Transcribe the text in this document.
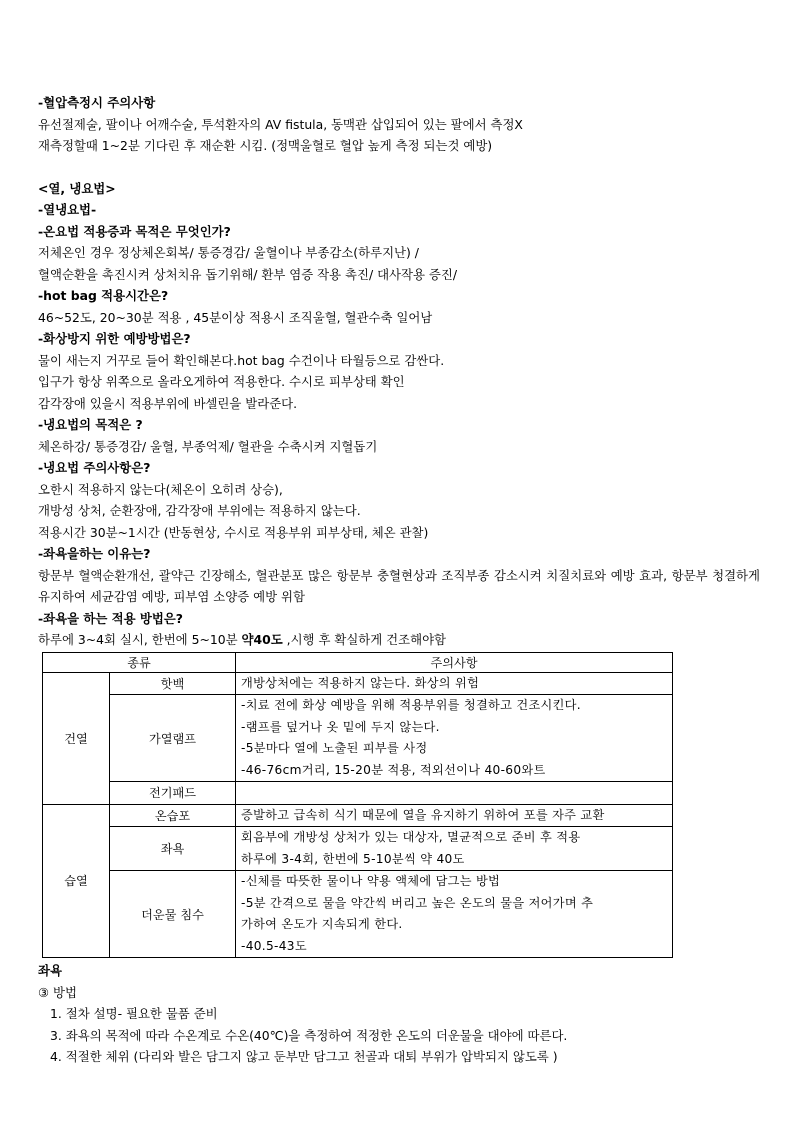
-혈압측정시 주의사항
유선절제술, 팔이나 어깨수술, 투석환자의 AV fistula, 동맥관 삽입되어 있는 팔에서 측정X
재측정할때 1~2분 기다린 후 재순환 시킴. (정맥울혈로 혈압 높게 측정 되는것 예방)
<열, 냉요법>
-열냉요법-
-온요법 적용증과 목적은 무엇인가?
저체온인 경우 정상체온회복/ 통증경감/ 울혈이나 부종감소(하루지난) /
혈액순환을 촉진시켜 상처치유 돕기위해/ 환부 염증 작용 촉진/ 대사작용 증진/
-hot bag 적용시간은?
46~52도, 20~30분 적용 , 45분이상 적용시 조직울혈, 혈관수축 일어남
-화상방지 위한 예방방법은?
물이 새는지 거꾸로 들어 확인해본다.hot bag 수건이나 타월등으로 감싼다.
입구가 항상 위쪽으로 올라오게하여 적용한다. 수시로 피부상태 확인
감각장애 있을시 적용부위에 바셀린을 발라준다.
-냉요법의 목적은 ?
체온하강/ 통증경감/ 울혈, 부종억제/ 혈관을 수축시켜 지혈돕기
-냉요법 주의사항은?
오한시 적용하지 않는다(체온이 오히려 상승),
개방성 상처, 순환장애, 감각장애 부위에는 적용하지 않는다.
적용시간 30분~1시간 (반동현상, 수시로 적용부위 피부상태, 체온 관찰)
-좌욕을하는 이유는?
항문부 혈액순환개선, 괄약근 긴장해소, 혈관분포 많은 항문부 충혈현상과 조직부종 감소시켜 치질치료와 예방 효과, 항문부 청결하게 유지하여 세균감염 예방, 피부염 소양증 예방 위함
-좌욕을 하는 적용 방법은?
하루에 3~4회 실시, 한번에 5~10분 약40도 ,시행 후 확실하게 건조해야함
종류		주의사항
건열	핫백	개방상처에는 적용하지 않는다. 화상의 위험

	가열램프	-치료 전에 화상 예방을 위해 적용부위를 청결하고 건조시킨다.
-램프를 덮거나 옷 밑에 두지 않는다.
-5분마다 열에 노출된 피부를 사정
-46-76cm거리, 15-20분 적용, 적외선이나 40-60와트

	전기패드	

습열	온습포	증발하고 급속히 식기 때문에 열을 유지하기 위하여 포를 자주 교환

	좌욕	회음부에 개방성 상처가 있는 대상자, 멸균적으로 준비 후 적용
하루에 3-4회, 한번에 5-10분씩 약 40도

	더운물 침수	-신체를 따뜻한 물이나 약용 액체에 담그는 방법
-5분 간격으로 물을 약간씩 버리고 높은 온도의 물을 저어가며 추
가하여 온도가 지속되게 한다.
-40.5-43도
좌욕
③ 방법
1. 절차 설명- 필요한 물품 준비
3. 좌욕의 목적에 따라 수온계로 수온(40℃)을 측정하여 적정한 온도의 더운물을 대야에 따른다.
4. 적절한 체위 (다리와 발은 담그지 않고 둔부만 담그고 천골과 대퇴 부위가 압박되지 않도록 )
